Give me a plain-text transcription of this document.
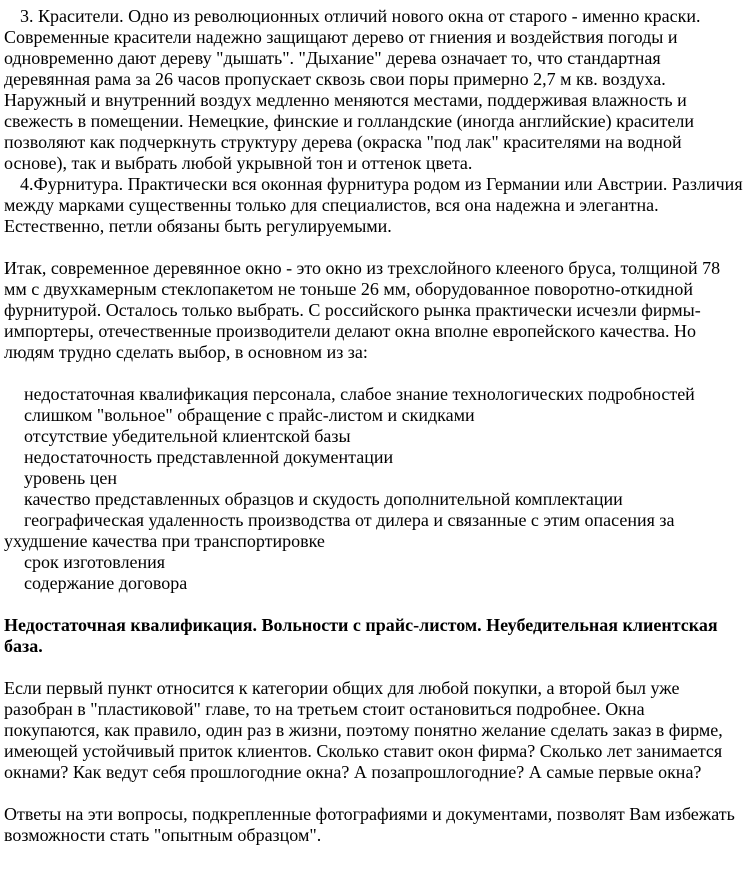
3. Красители. Одно из революционных отличий нового окна от старого - именно краски. Современные красители надежно защищают дерево от гниения и воздействия погоды и одновременно дают дереву "дышать". "Дыхание" дерева означает то, что стандартная деревянная рама за 26 часов пропускает сквозь свои поры примерно 2,7 м кв. воздуха. Наружный и внутренний воздух медленно меняются местами, поддерживая влажность и свежесть в помещении. Немецкие, финские и голландские (иногда английские) красители позволяют как подчеркнуть структуру дерева (окраска "под лак" красителями на водной основе), так и выбрать любой укрывной тон и оттенок цвета.

4.Фурнитура. Практически вся оконная фурнитура родом из Германии или Австрии. Различия между марками существенны только для специалистов, вся она надежна и элегантна. Естественно, петли обязаны быть регулируемыми.

Итак, современное деревянное окно - это окно из трехслойного клееного бруса, толщиной 78 мм с двухкамерным стеклопакетом не тоньше 26 мм, оборудованное поворотно-откидной фурнитурой. Осталось только выбрать. С российского рынка практически исчезли фирмы-импортеры, отечественные производители делают окна вполне европейского качества. Но людям трудно сделать выбор, в основном из за:

недостаточная квалификация персонала, слабое знание технологических подробностей

слишком "вольное" обращение с прайс-листом и скидками

отсутствие убедительной клиентской базы

недостаточность представленной документации

уровень цен

качество представленных образцов и скудость дополнительной комплектации

географическая удаленность производства от дилера и связанные с этим опасения за ухудшение качества при транспортировке

срок изготовления

содержание договора

Недостаточная квалификация. Вольности с прайс-листом. Неубедительная клиентская база.

Если первый пункт относится к категории общих для любой покупки, а второй был уже разобран в "пластиковой" главе, то на третьем стоит остановиться подробнее. Окна покупаются, как правило, один раз в жизни, поэтому понятно желание сделать заказ в фирме, имеющей устойчивый приток клиентов. Сколько ставит окон фирма? Сколько лет занимается окнами? Как ведут себя прошлогодние окна? А позапрошлогодние? А самые первые окна?

Ответы на эти вопросы, подкрепленные фотографиями и документами, позволят Вам избежать возможности стать "опытным образцом".
